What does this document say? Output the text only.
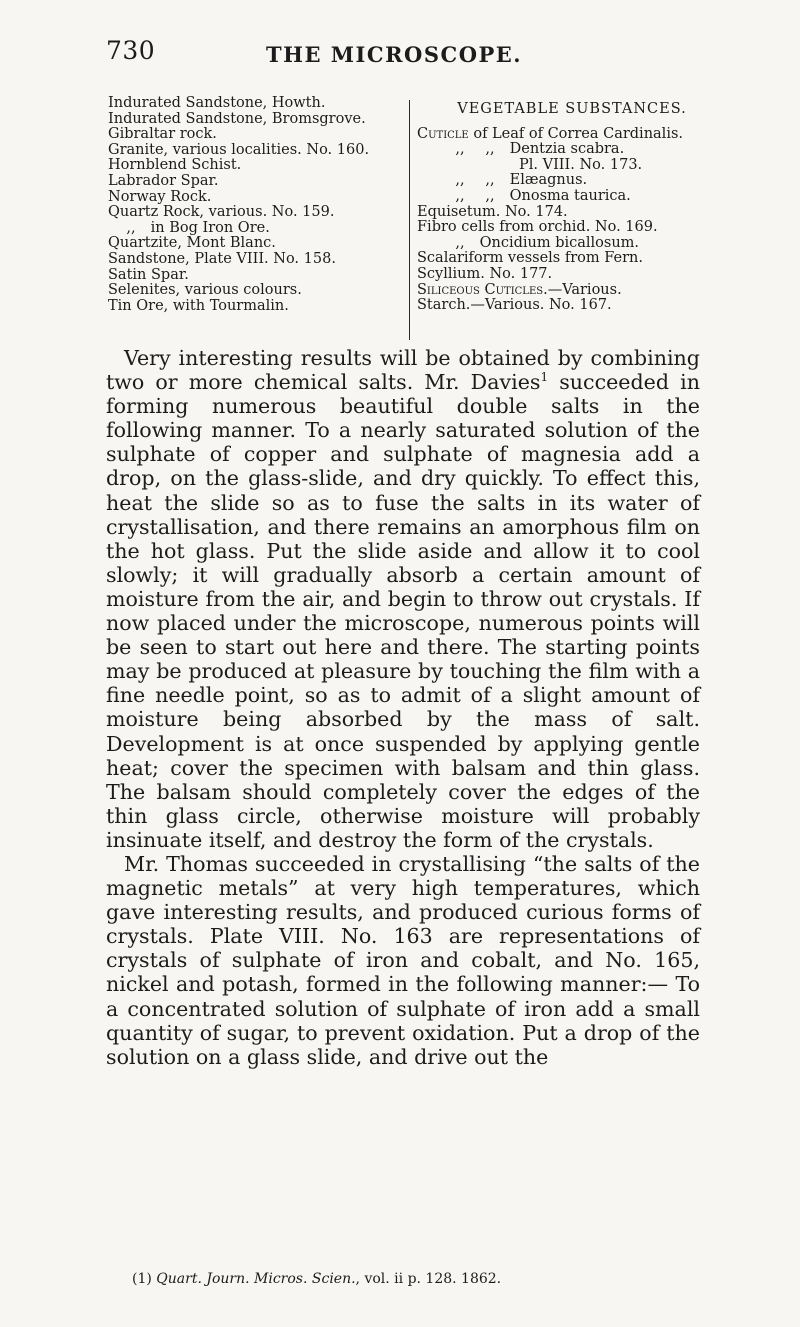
730	THE MICROSCOPE.
Indurated Sandstone, Howth.
Indurated Sandstone, Bromsgrove.
Gibraltar rock.
Granite, various localities. No. 160.
Hornblend Schist.
Labrador Spar.
Norway Rock.
Quartz Rock, various. No. 159.
,, in Bog Iron Ore.
Quartzite, Mont Blanc.
Sandstone, Plate VIII. No. 158.
Satin Spar.
Selenites, various colours.
Tin Ore, with Tourmalin.
VEGETABLE SUBSTANCES.
Cuticle of Leaf of Correa Cardinalis.
,, ,, Dentzia scabra.
Pl. VIII. No. 173.
,, ,, Elæagnus.
,, ,, Onosma taurica.
Equisetum. No. 174.
Fibro cells from orchid. No. 169.
,, Oncidium bicallosum.
Scalariform vessels from Fern.
Scyllium. No. 177.
Siliceous Cuticles.—Various.
Starch.—Various. No. 167.

Very interesting results will be obtained by combining two or more chemical salts. Mr. Davies$^1$ succeeded in forming numerous beautiful double salts in the following manner. To a nearly saturated solution of the sulphate of copper and sulphate of magnesia add a drop, on the glass-slide, and dry quickly. To effect this, heat the slide so as to fuse the salts in its water of crystallisation, and there remains an amorphous film on the hot glass. Put the slide aside and allow it to cool slowly; it will gradually absorb a certain amount of moisture from the air, and begin to throw out crystals. If now placed under the microscope, numerous points will be seen to start out here and there. The starting points may be produced at pleasure by touching the film with a fine needle point, so as to admit of a slight amount of moisture being absorbed by the mass of salt. Development is at once suspended by applying gentle heat; cover the specimen with balsam and thin glass. The balsam should completely cover the edges of the thin glass circle, otherwise moisture will probably insinuate itself, and destroy the form of the crystals.

Mr. Thomas succeeded in crystallising “the salts of the magnetic metals” at very high temperatures, which gave interesting results, and produced curious forms of crystals. Plate VIII. No. 163 are representations of crystals of sulphate of iron and cobalt, and No. 165, nickel and potash, formed in the following manner:— To a concentrated solution of sulphate of iron add a small quantity of sugar, to prevent oxidation. Put a drop of the solution on a glass slide, and drive out the

(1) Quart. Journ. Micros. Scien., vol. ii p. 128. 1862.
